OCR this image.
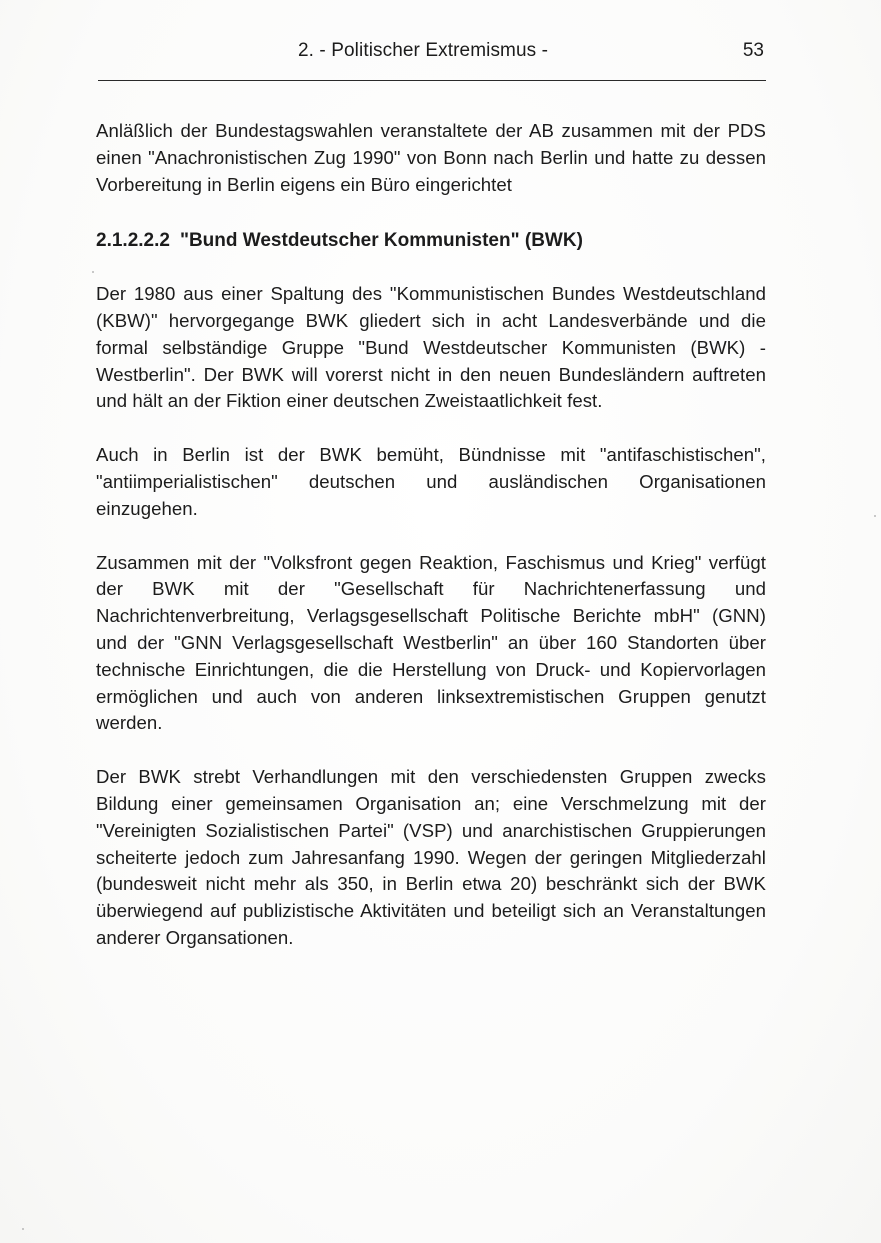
2. - Politischer Extremismus -	53

Anläßlich der Bundestagswahlen veranstaltete der AB zusammen mit der PDS einen "Anachronistischen Zug 1990" von Bonn nach Berlin und hatte zu dessen Vorbereitung in Berlin eigens ein Büro eingerichtet

2.1.2.2.2 "Bund Westdeutscher Kommunisten" (BWK)

Der 1980 aus einer Spaltung des "Kommunistischen Bundes Westdeutschland (KBW)" hervorgegange BWK gliedert sich in acht Landesverbände und die formal selbständige Gruppe "Bund Westdeutscher Kommunisten (BWK) - Westberlin". Der BWK will vorerst nicht in den neuen Bundesländern auftreten und hält an der Fiktion einer deutschen Zweistaatlichkeit fest.

Auch in Berlin ist der BWK bemüht, Bündnisse mit "antifaschistischen", "antiimperialistischen" deutschen und ausländischen Organisationen einzugehen.

Zusammen mit der "Volksfront gegen Reaktion, Faschismus und Krieg" verfügt der BWK mit der "Gesellschaft für Nachrichtenerfassung und Nachrichtenverbreitung, Verlagsgesellschaft Politische Berichte mbH" (GNN) und der "GNN Verlagsgesellschaft Westberlin" an über 160 Standorten über technische Einrichtungen, die die Herstellung von Druck- und Kopiervorlagen ermöglichen und auch von anderen linksextremistischen Gruppen genutzt werden.

Der BWK strebt Verhandlungen mit den verschiedensten Gruppen zwecks Bildung einer gemeinsamen Organisation an; eine Verschmelzung mit der "Vereinigten Sozialistischen Partei" (VSP) und anarchistischen Gruppierungen scheiterte jedoch zum Jahresanfang 1990. Wegen der geringen Mitgliederzahl (bundesweit nicht mehr als 350, in Berlin etwa 20) beschränkt sich der BWK überwiegend auf publizistische Aktivitäten und beteiligt sich an Veranstaltungen anderer Organsationen.
